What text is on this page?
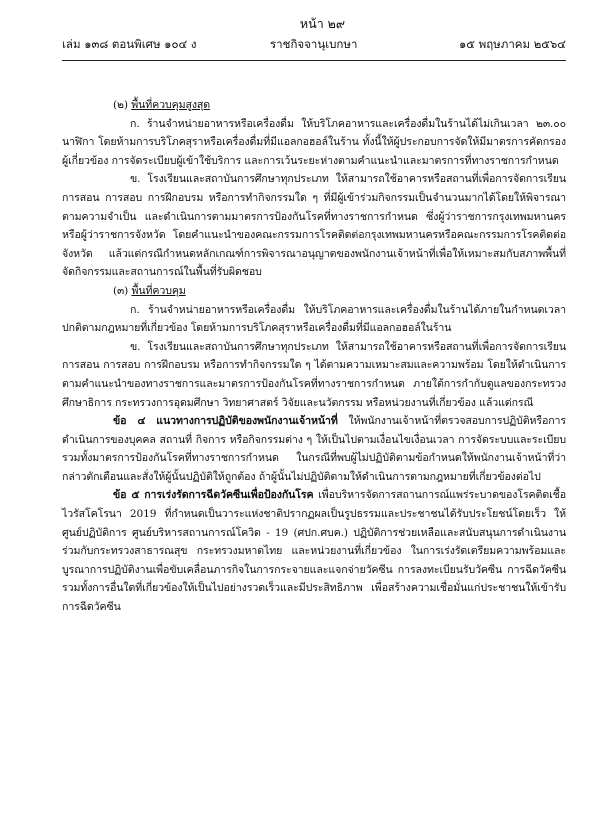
หน้า ๒๙
เล่ม ๑๓๘ ตอนพิเศษ ๑๐๔ ง	ราชกิจจานุเบกษา	๑๕ พฤษภาคม ๒๕๖๔

(๒) พื้นที่ควบคุมสูงสุด

ก. ร้านจำหน่ายอาหารหรือเครื่องดื่ม ให้บริโภคอาหารและเครื่องดื่มในร้านได้ไม่เกินเวลา ๒๓.๐๐ นาฬิกา โดยห้ามการบริโภคสุราหรือเครื่องดื่มที่มีแอลกอฮอล์ในร้าน ทั้งนี้ให้ผู้ประกอบการจัดให้มีมาตรการคัดกรองผู้เกี่ยวข้อง การจัดระเบียบผู้เข้าใช้บริการ และการเว้นระยะห่างตามคำแนะนำและมาตรการที่ทางราชการกำหนด

ข. โรงเรียนและสถาบันการศึกษาทุกประเภท ให้สามารถใช้อาคารหรือสถานที่เพื่อการจัดการเรียนการสอน การสอบ การฝึกอบรม หรือการทำกิจกรรมใด ๆ ที่มีผู้เข้าร่วมกิจกรรมเป็นจำนวนมากได้โดยให้พิจารณาตามความจำเป็น และดำเนินการตามมาตรการป้องกันโรคที่ทางราชการกำหนด ซึ่งผู้ว่าราชการกรุงเทพมหานครหรือผู้ว่าราชการจังหวัด โดยคำแนะนำของคณะกรรมการโรคติดต่อกรุงเทพมหานครหรือคณะกรรมการโรคติดต่อจังหวัด แล้วแต่กรณีกำหนดหลักเกณฑ์การพิจารณาอนุญาตของพนักงานเจ้าหน้าที่เพื่อให้เหมาะสมกับสภาพพื้นที่จัดกิจกรรมและสถานการณ์ในพื้นที่รับผิดชอบ

(๓) พื้นที่ควบคุม

ก. ร้านจำหน่ายอาหารหรือเครื่องดื่ม ให้บริโภคอาหารและเครื่องดื่มในร้านได้ภายในกำหนดเวลาปกติตามกฎหมายที่เกี่ยวข้อง โดยห้ามการบริโภคสุราหรือเครื่องดื่มที่มีแอลกอฮอล์ในร้าน

ข. โรงเรียนและสถาบันการศึกษาทุกประเภท ให้สามารถใช้อาคารหรือสถานที่เพื่อการจัดการเรียนการสอน การสอบ การฝึกอบรม หรือการทำกิจกรรมใด ๆ ได้ตามความเหมาะสมและความพร้อม โดยให้ดำเนินการตามคำแนะนำของทางราชการและมาตรการป้องกันโรคที่ทางราชการกำหนด ภายใต้การกำกับดูแลของกระทรวงศึกษาธิการ กระทรวงการอุดมศึกษา วิทยาศาสตร์ วิจัยและนวัตกรรม หรือหน่วยงานที่เกี่ยวข้อง แล้วแต่กรณี

ข้อ ๔ แนวทางการปฏิบัติของพนักงานเจ้าหน้าที่ ให้พนักงานเจ้าหน้าที่ตรวจสอบการปฏิบัติหรือการดำเนินการของบุคคล สถานที่ กิจการ หรือกิจกรรมต่าง ๆ ให้เป็นไปตามเงื่อนไขเงื่อนเวลา การจัดระบบและระเบียบ รวมทั้งมาตรการป้องกันโรคที่ทางราชการกำหนด ในกรณีที่พบผู้ไม่ปฏิบัติตามข้อกำหนดให้พนักงานเจ้าหน้าที่ว่ากล่าวตักเตือนและสั่งให้ผู้นั้นปฏิบัติให้ถูกต้อง ถ้าผู้นั้นไม่ปฏิบัติตามให้ดำเนินการตามกฎหมายที่เกี่ยวข้องต่อไป

ข้อ ๕ การเร่งรัดการฉีดวัคซีนเพื่อป้องกันโรค เพื่อบริหารจัดการสถานการณ์แพร่ระบาดของโรคติดเชื้อไวรัสโคโรนา 2019 ที่กำหนดเป็นวาระแห่งชาติปรากฏผลเป็นรูปธรรมและประชาชนได้รับประโยชน์โดยเร็ว ให้ศูนย์ปฏิบัติการ ศูนย์บริหารสถานการณ์โควิด - 19 (ศปก.ศบค.) ปฏิบัติการช่วยเหลือและสนับสนุนการดำเนินงานร่วมกับกระทรวงสาธารณสุข กระทรวงมหาดไทย และหน่วยงานที่เกี่ยวข้อง ในการเร่งรัดเตรียมความพร้อมและบูรณาการปฏิบัติงานเพื่อขับเคลื่อนภารกิจในการกระจายและแจกจ่ายวัคซีน การลงทะเบียนรับวัคซีน การฉีดวัคซีน รวมทั้งการอื่นใดที่เกี่ยวข้องให้เป็นไปอย่างรวดเร็วและมีประสิทธิภาพ เพื่อสร้างความเชื่อมั่นแก่ประชาชนให้เข้ารับการฉีดวัคซีน
